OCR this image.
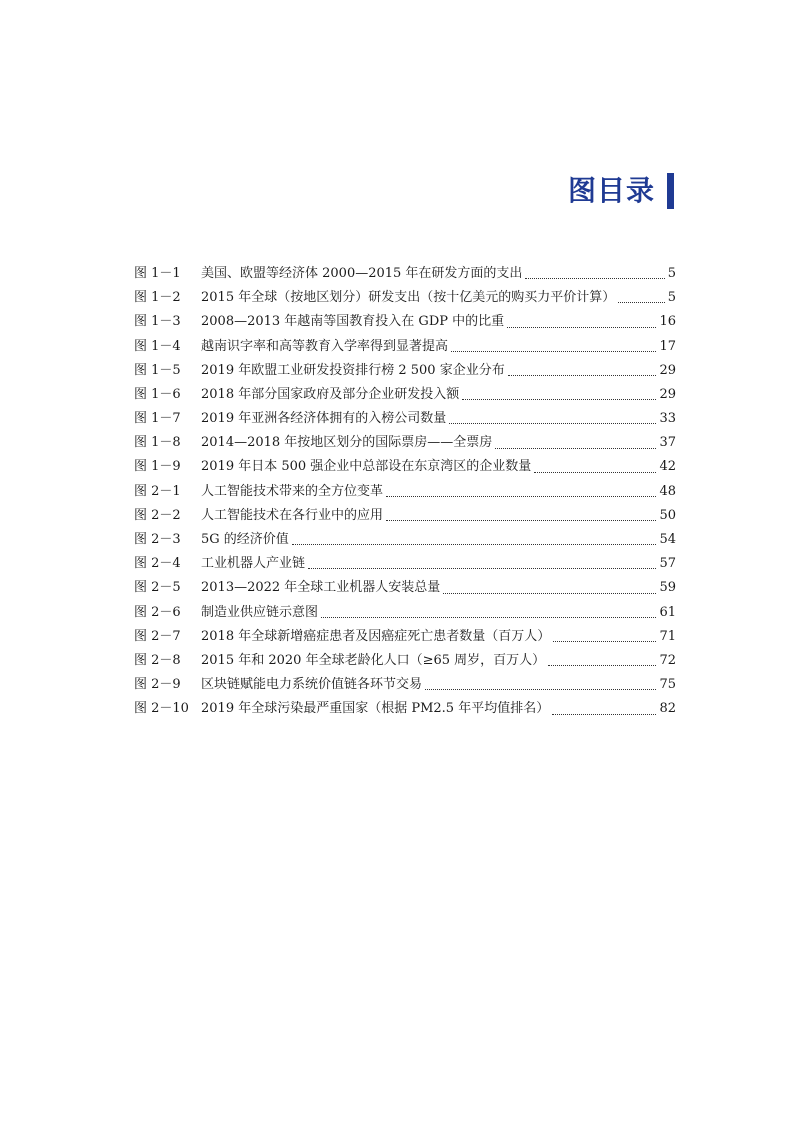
图目录
图 1－1	美国、欧盟等经济体 2000—2015 年在研发方面的支出	5
图 1－2	2015 年全球（按地区划分）研发支出（按十亿美元的购买力平价计算）	5
图 1－3	2008—2013 年越南等国教育投入在 GDP 中的比重	16
图 1－4	越南识字率和高等教育入学率得到显著提高	17
图 1－5	2019 年欧盟工业研发投资排行榜 2 500 家企业分布	29
图 1－6	2018 年部分国家政府及部分企业研发投入额	29
图 1－7	2019 年亚洲各经济体拥有的入榜公司数量	33
图 1－8	2014—2018 年按地区划分的国际票房——全票房	37
图 1－9	2019 年日本 500 强企业中总部设在东京湾区的企业数量	42
图 2－1	人工智能技术带来的全方位变革	48
图 2－2	人工智能技术在各行业中的应用	50
图 2－3	5G 的经济价值	54
图 2－4	工业机器人产业链	57
图 2－5	2013—2022 年全球工业机器人安装总量	59
图 2－6	制造业供应链示意图	61
图 2－7	2018 年全球新增癌症患者及因癌症死亡患者数量（百万人）	71
图 2－8	2015 年和 2020 年全球老龄化人口（≥65 周岁，百万人）	72
图 2－9	区块链赋能电力系统价值链各环节交易	75
图 2－10 2019 年全球污染最严重国家（根据 PM2.5 年平均值排名）	82
